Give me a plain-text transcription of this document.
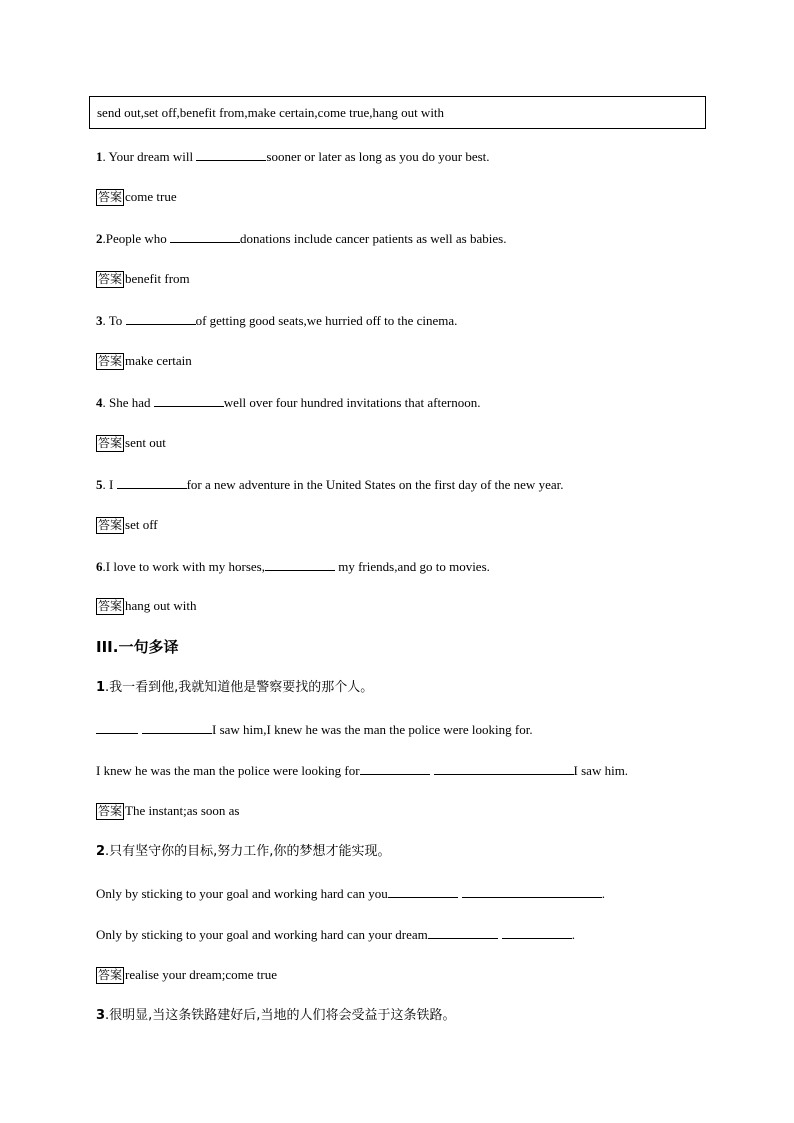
send out,set off,benefit from,make certain,come true,hang out with
1. Your dream will	sooner or later as long as you do your best.
答案 come true
2.People who	donations include cancer patients as well as babies.
答案 benefit from
3. To	of getting good seats,we hurried off to the cinema.
答案 make certain
4. She had	well over four hundred invitations that afternoon.
答案 sent out
5. I	for a new adventure in the United States on the first day of the new year.
答案 set off
6.I love to work with my horses,	my friends,and go to movies.
答案 hang out with
III.一句多译
1.我一看到他,我就知道他是警察要找的那个人。
I saw him,I knew he was the man the police were looking for.
I knew he was the man the police were looking for	I saw him.
答案 The instant;as soon as
2.只有坚守你的目标,努力工作,你的梦想才能实现。
Only by sticking to your goal and working hard can you	.
Only by sticking to your goal and working hard can your dream	.
答案 realise your dream;come true
3.很明显,当这条铁路建好后,当地的人们将会受益于这条铁路。
